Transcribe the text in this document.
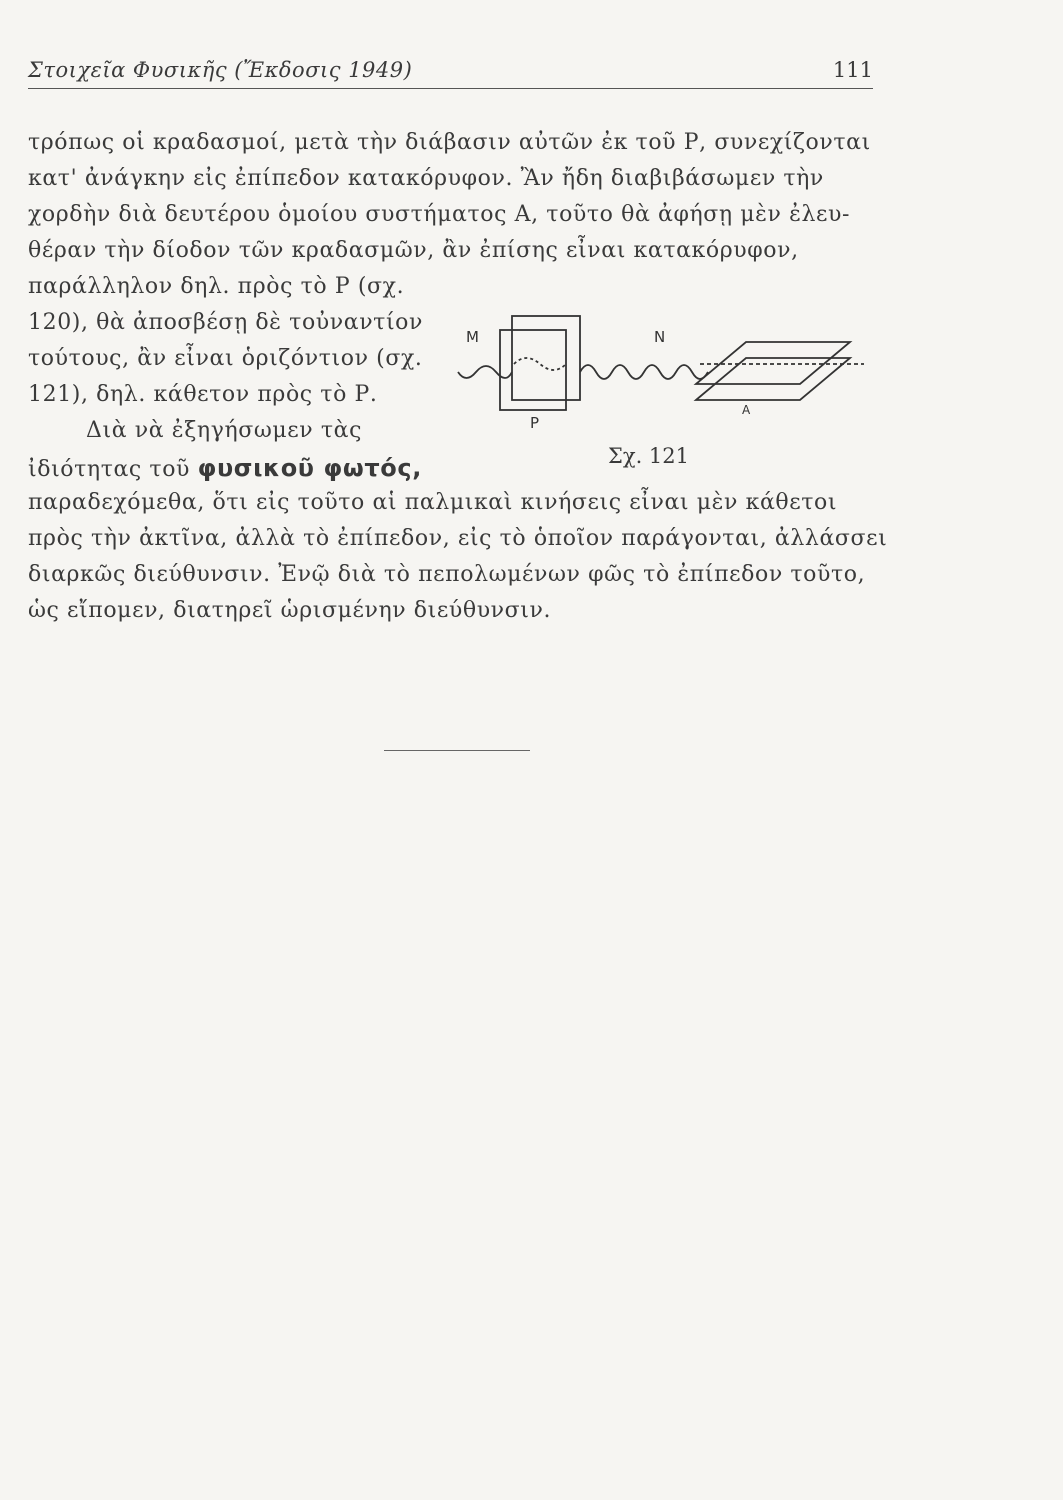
Στοιχεῖα Φυσικῆς (Ἔκδοσις 1949)	111
τρόπως οἱ κραδασμοί, μετὰ τὴν διάβασιν αὐτῶν ἐκ τοῦ Ρ, συνεχίζονται
κατ' ἀνάγκην εἰς ἐπίπεδον κατακόρυφον. Ἂν ἤδη διαβιβάσωμεν τὴν
χορδὴν διὰ δευτέρου ὁμοίου συστήματος Α, τοῦτο θὰ ἀφήσῃ μὲν ἐλευ-
θέραν τὴν δίοδον τῶν κραδασμῶν, ἂν ἐπίσης εἶναι κατακόρυφον,
παράλληλον δηλ. πρὸς τὸ Ρ (σχ.
120), θὰ ἀποσβέσῃ δὲ τοὐναντίον
τούτους, ἂν εἶναι ὁριζόντιον (σχ.
121), δηλ. κάθετον πρὸς τὸ Ρ.
Διὰ νὰ ἐξηγήσωμεν τὰς
ἰδιότητας τοῦ φυσικοῦ φωτός,
παραδεχόμεθα, ὅτι εἰς τοῦτο αἱ παλμικαὶ κινήσεις εἶναι μὲν κάθετοι
πρὸς τὴν ἀκτῖνα, ἀλλὰ τὸ ἐπίπεδον, εἰς τὸ ὁποῖον παράγονται, ἀλλάσσει
διαρκῶς διεύθυνσιν. Ἐνῷ διὰ τὸ πεπολωμένων φῶς τὸ ἐπίπεδον τοῦτο,
ὡς εἴπομεν, διατηρεῖ ὡρισμένην διεύθυνσιν.
M	N
P
A
Σχ. 121
